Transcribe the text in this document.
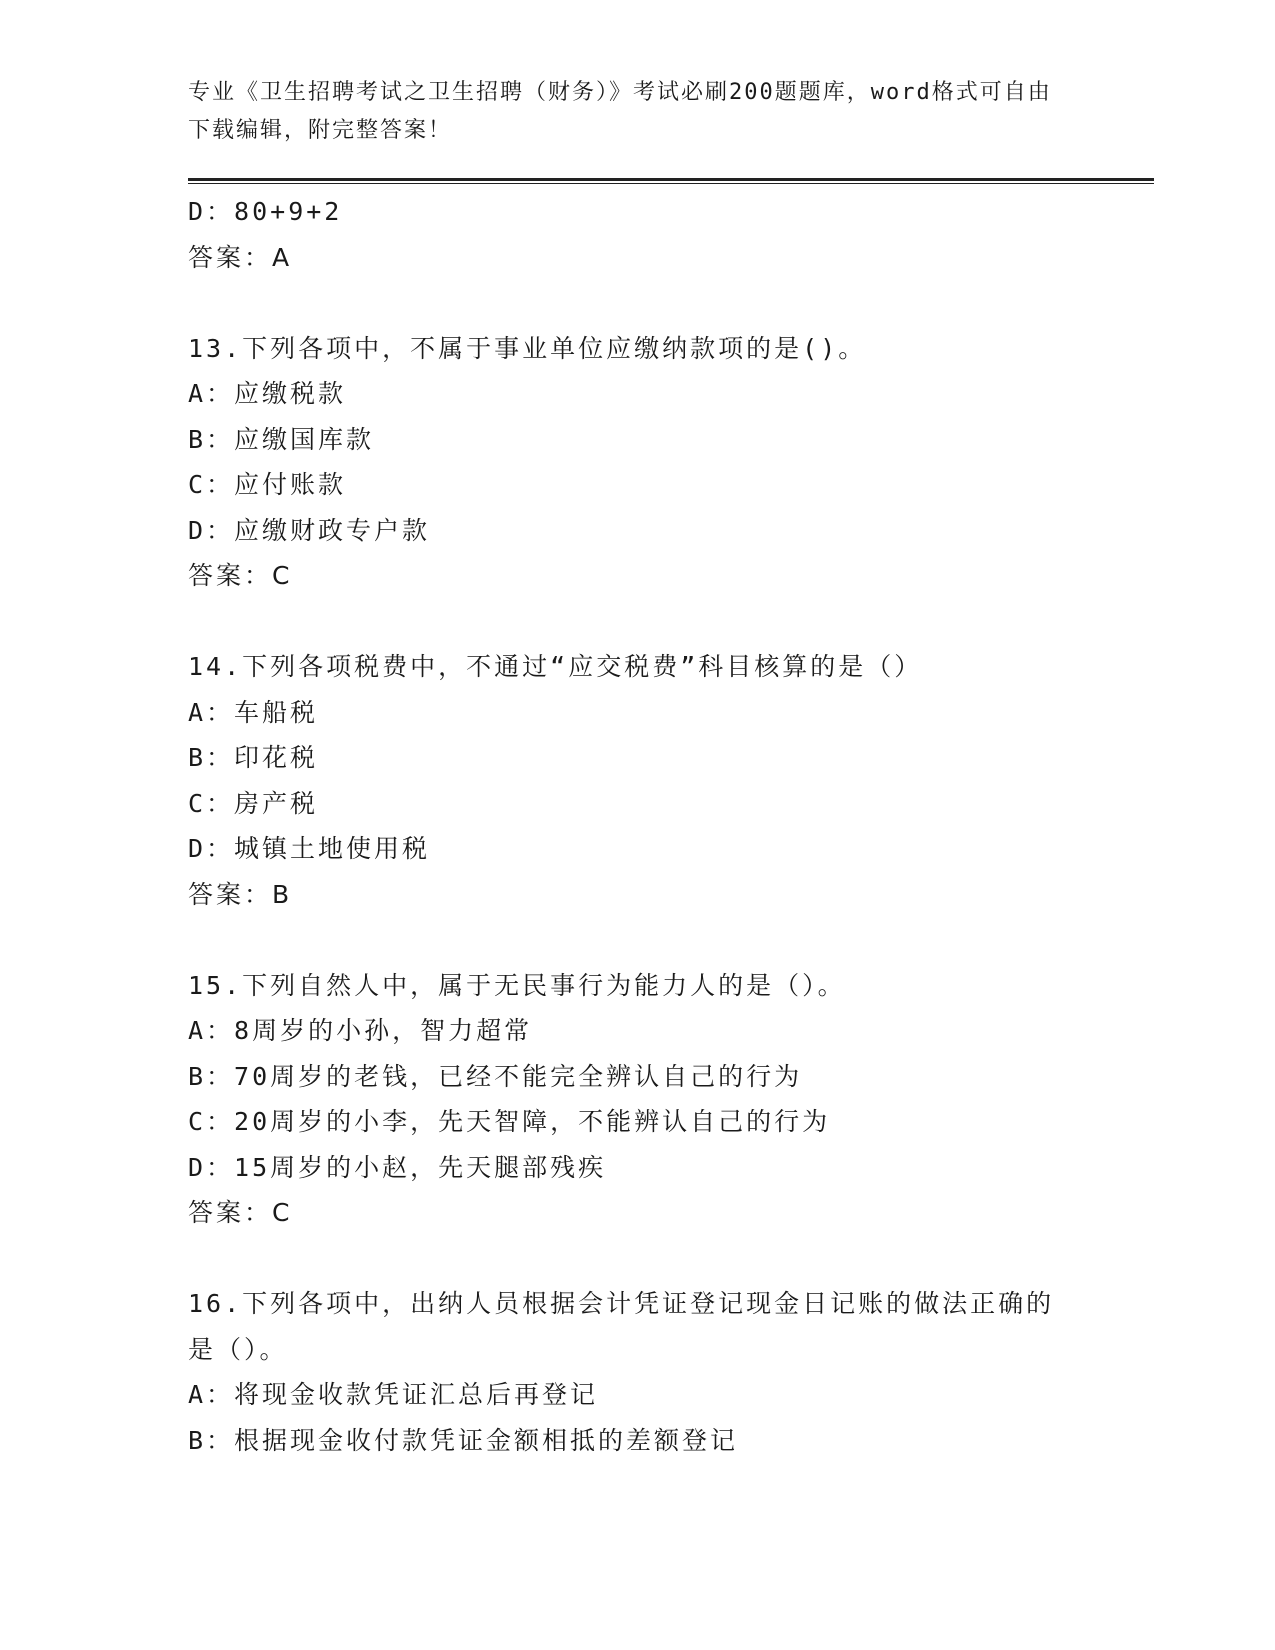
专业《卫生招聘考试之卫生招聘（财务）》考试必刷200题题库，word格式可自由下载编辑，附完整答案！
D：80+9+2
答案：A
13.下列各项中，不属于事业单位应缴纳款项的是()。
A：应缴税款
B：应缴国库款
C：应付账款
D：应缴财政专户款
答案：C
14.下列各项税费中，不通过“应交税费”科目核算的是（）
A：车船税
B：印花税
C：房产税
D：城镇土地使用税
答案：B
15.下列自然人中，属于无民事行为能力人的是（）。
A：8周岁的小孙，智力超常
B：70周岁的老钱，已经不能完全辨认自己的行为
C：20周岁的小李，先天智障，不能辨认自己的行为
D：15周岁的小赵，先天腿部残疾
答案：C
16.下列各项中，出纳人员根据会计凭证登记现金日记账的做法正确的是（）。
A：将现金收款凭证汇总后再登记
B：根据现金收付款凭证金额相抵的差额登记
